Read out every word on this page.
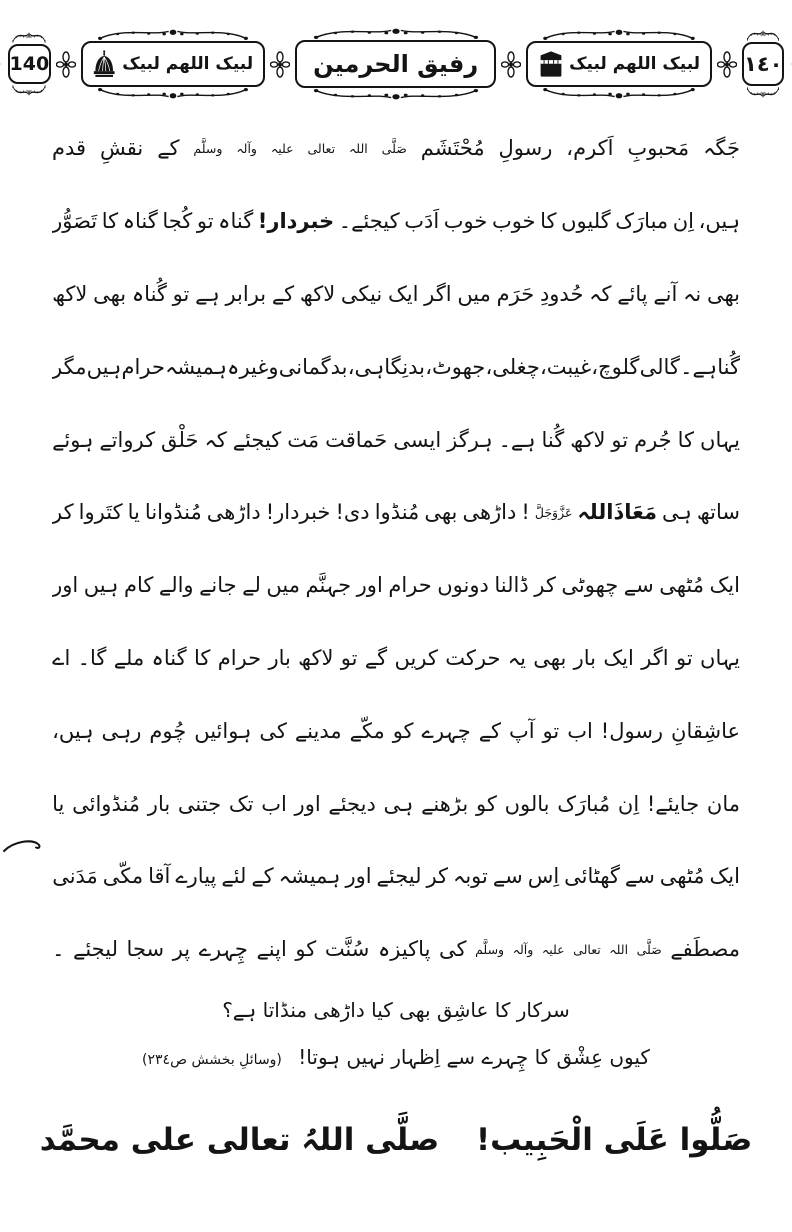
140	لبیک اللھم لبیک	رفیق الحرمین	لبیک اللھم لبیک ١٤٠
جَگہ
مَحبوبِ
اَکرم،
رسولِ
مُحْتَشَم
صَلَّی
اللہ
تعالی
علیہ
وآلہ
وسلَّم
کے
نقشِ
قدم
ہیں،
اِن
مبارَک
گلیوں
کا
خوب
خوب
اَدَب
کیجئے۔
خبردار!
گناہ
تو
کُجا
گناہ
کا
تَصَوُّر
بھی
نہ
آنے
پائے
کہ
حُدودِ
حَرَم
میں
اگر
ایک
نیکی
لاکھ
کے
برابر
ہے
تو
گُناہ
بھی
لاکھ
گُنا
ہے۔
گالی
گلوچ،
غیبت،
چغلی،
جھوٹ،
بدنِگاہی،
بدگمانی
وغیرہ
ہمیشہ
حرام
ہیں
مگر
یہاں
کا
جُرم
تو
لاکھ
گُنا
ہے۔
ہرگز
ایسی
حَماقت
مَت
کیجئے
کہ
حَلْق
کرواتے
ہوئے
ساتھ
ہی
مَعَاذَاللہ
عَزَّوَجَلَّ
!
داڑھی
بھی
مُنڈوا
دی!
خبردار!
داڑھی
مُنڈوانا
یا
کتَروا
کر
ایک
مُٹھی
سے
چھوٹی
کر
ڈالنا
دونوں
حرام
اور
جہنَّم
میں
لے
جانے
والے
کام
ہیں
اور
یہاں
تو
اگر
ایک
بار
بھی
یہ
حرکت
کریں
گے
تو
لاکھ
بار
حرام
کا
گناہ
ملے
گا۔
اے
عاشِقانِ
رسول!
اب
تو
آپ
کے
چہرے
کو
مکّے
مدینے
کی
ہوائیں
چُوم
رہی
ہیں،
مان
جایئے!
اِن
مُبارَک
بالوں
کو
بڑھنے
ہی
دیجئے
اور
اب
تک
جتنی
بار
مُنڈوائی
یا
ایک
مُٹھی
سے
گھٹائی
اِس
سے
توبہ
کر
لیجئے
اور
ہمیشہ
کے
لئے
پیارے
آقا
مکّی
مَدَنی
مصطَفے
صَلَّی
اللہ
تعالی
علیہ
وآلہ
وسلَّم
کی
پاکیزہ
سُنَّت
کو
اپنے
چِہرے
پر
سجا
لیجئے
۔
سرکار کا عاشِق بھی کیا داڑھی منڈاتا ہے؟
کیوں عِشْق کا چِہرے سے اِظہار نہیں ہوتا! (وسائلِ بخشش ص٢٣٤)
صَلُّوا عَلَی الْحَبِیب! صلَّی اللہُ تعالی علی محمَّد
